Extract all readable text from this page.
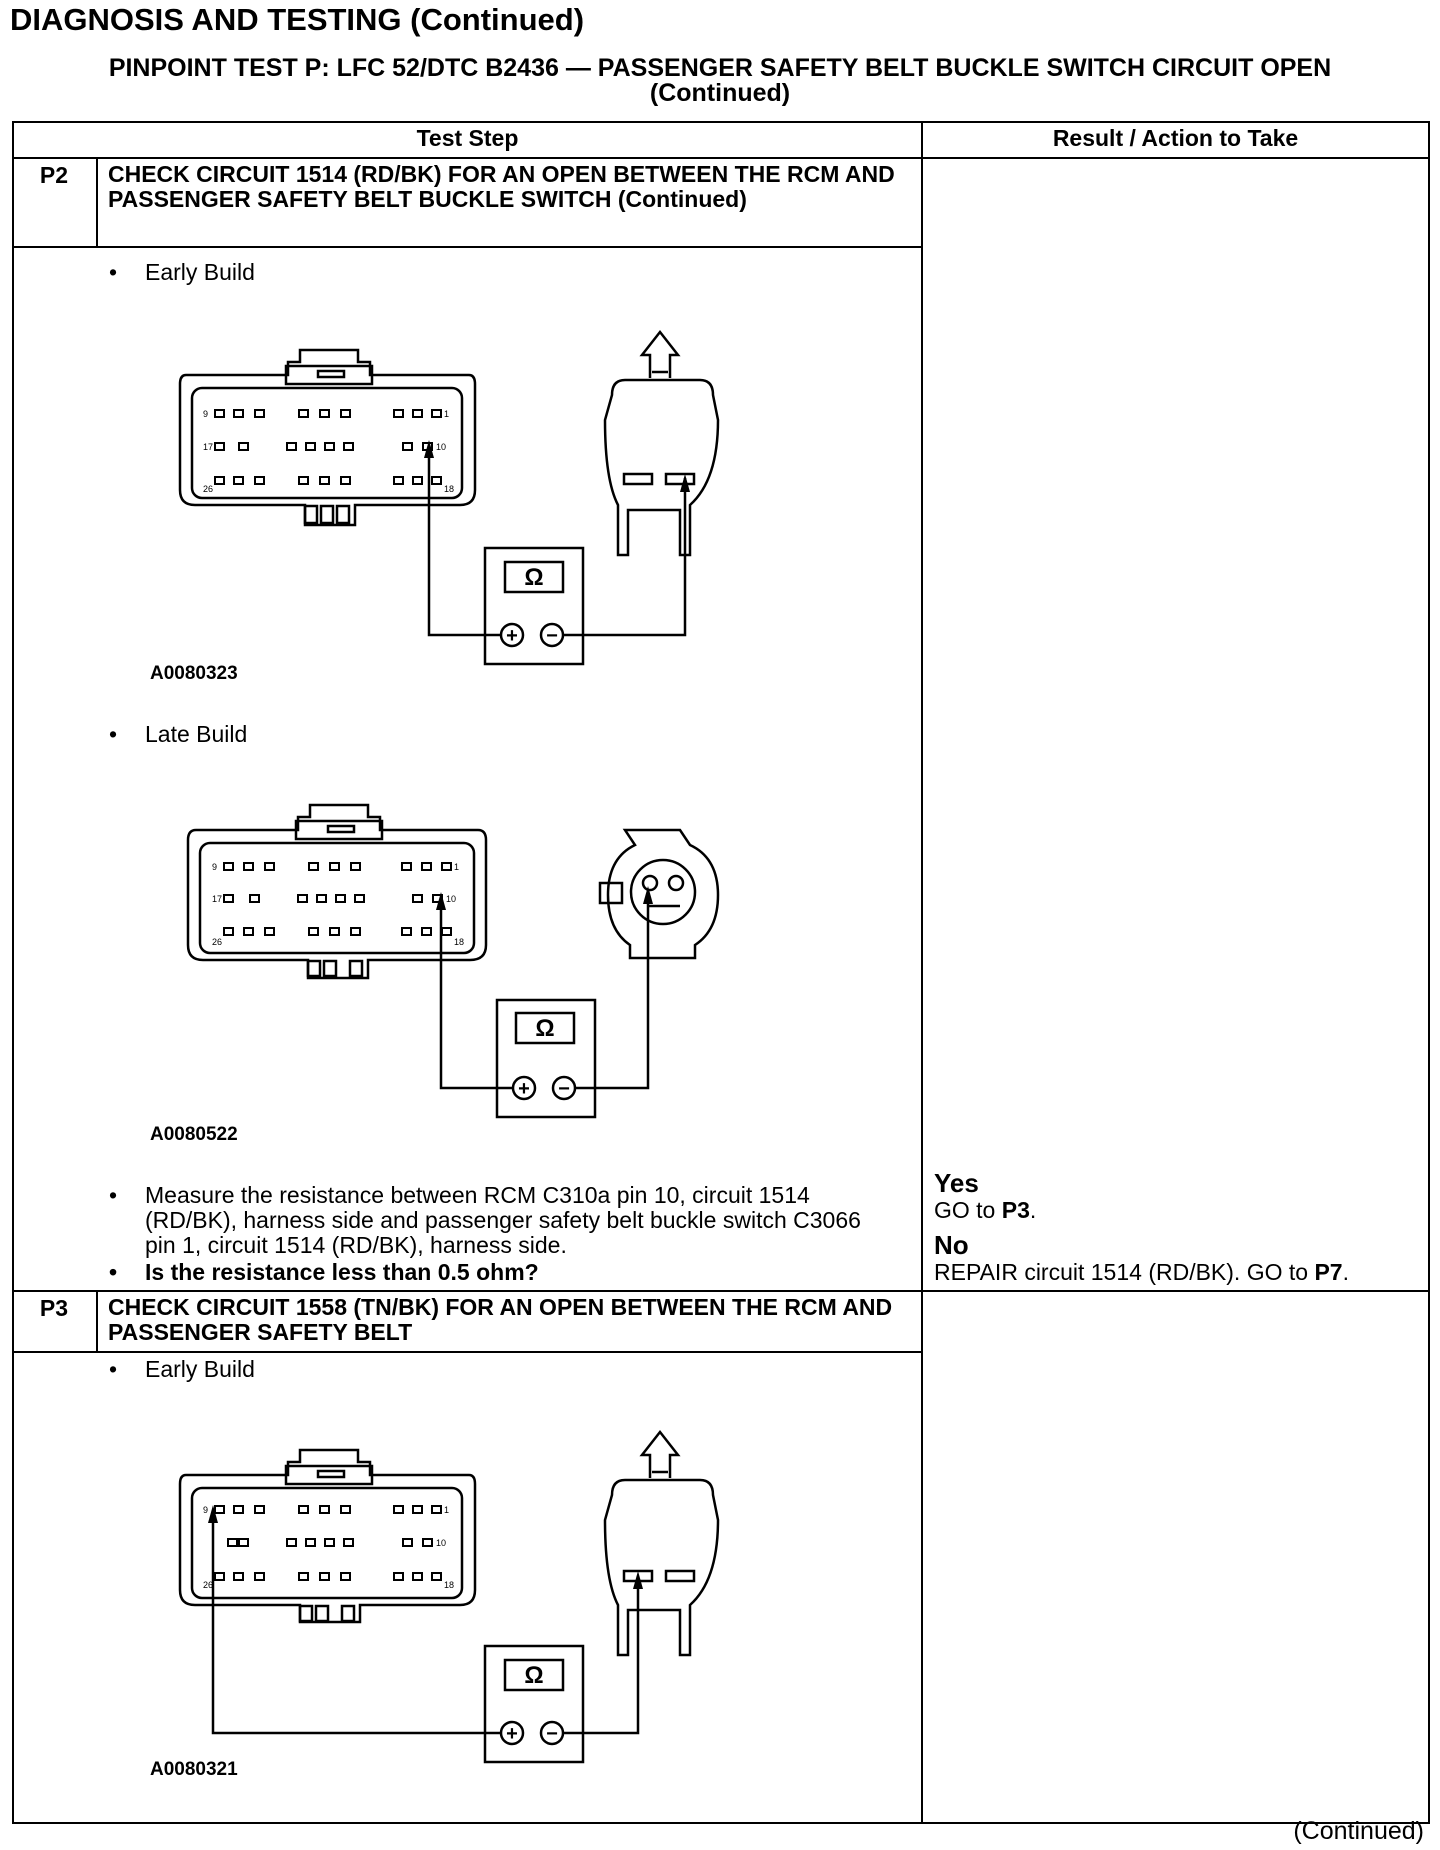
DIAGNOSIS AND TESTING (Continued)
PINPOINT TEST P: LFC 52/DTC B2436 — PASSENGER SAFETY BELT BUCKLE SWITCH CIRCUIT OPEN
(Continued)
Test Step	Result / Action to Take
P2	CHECK CIRCUIT 1514 (RD/BK) FOR AN OPEN BETWEEN THE RCM AND PASSENGER SAFETY BELT BUCKLE SWITCH (Continued)
• Early Build
Ω
+ −
9	1
17	10
26	18
A0080323
• Late Build
Ω
+ −
9	1
17	10
26	18
A0080522
• Measure the resistance between RCM C310a pin 10, circuit 1514 (RD/BK), harness side and passenger safety belt buckle switch C3066 pin 1, circuit 1514 (RD/BK), harness side.
• Is the resistance less than 0.5 ohm?
Yes
GO to P3.
No
REPAIR circuit 1514 (RD/BK). GO to P7.
P3	CHECK CIRCUIT 1558 (TN/BK) FOR AN OPEN BETWEEN THE RCM AND PASSENGER SAFETY BELT
• Early Build
Ω
+ −
9	1
10
26	18
A0080321
(Continued)
